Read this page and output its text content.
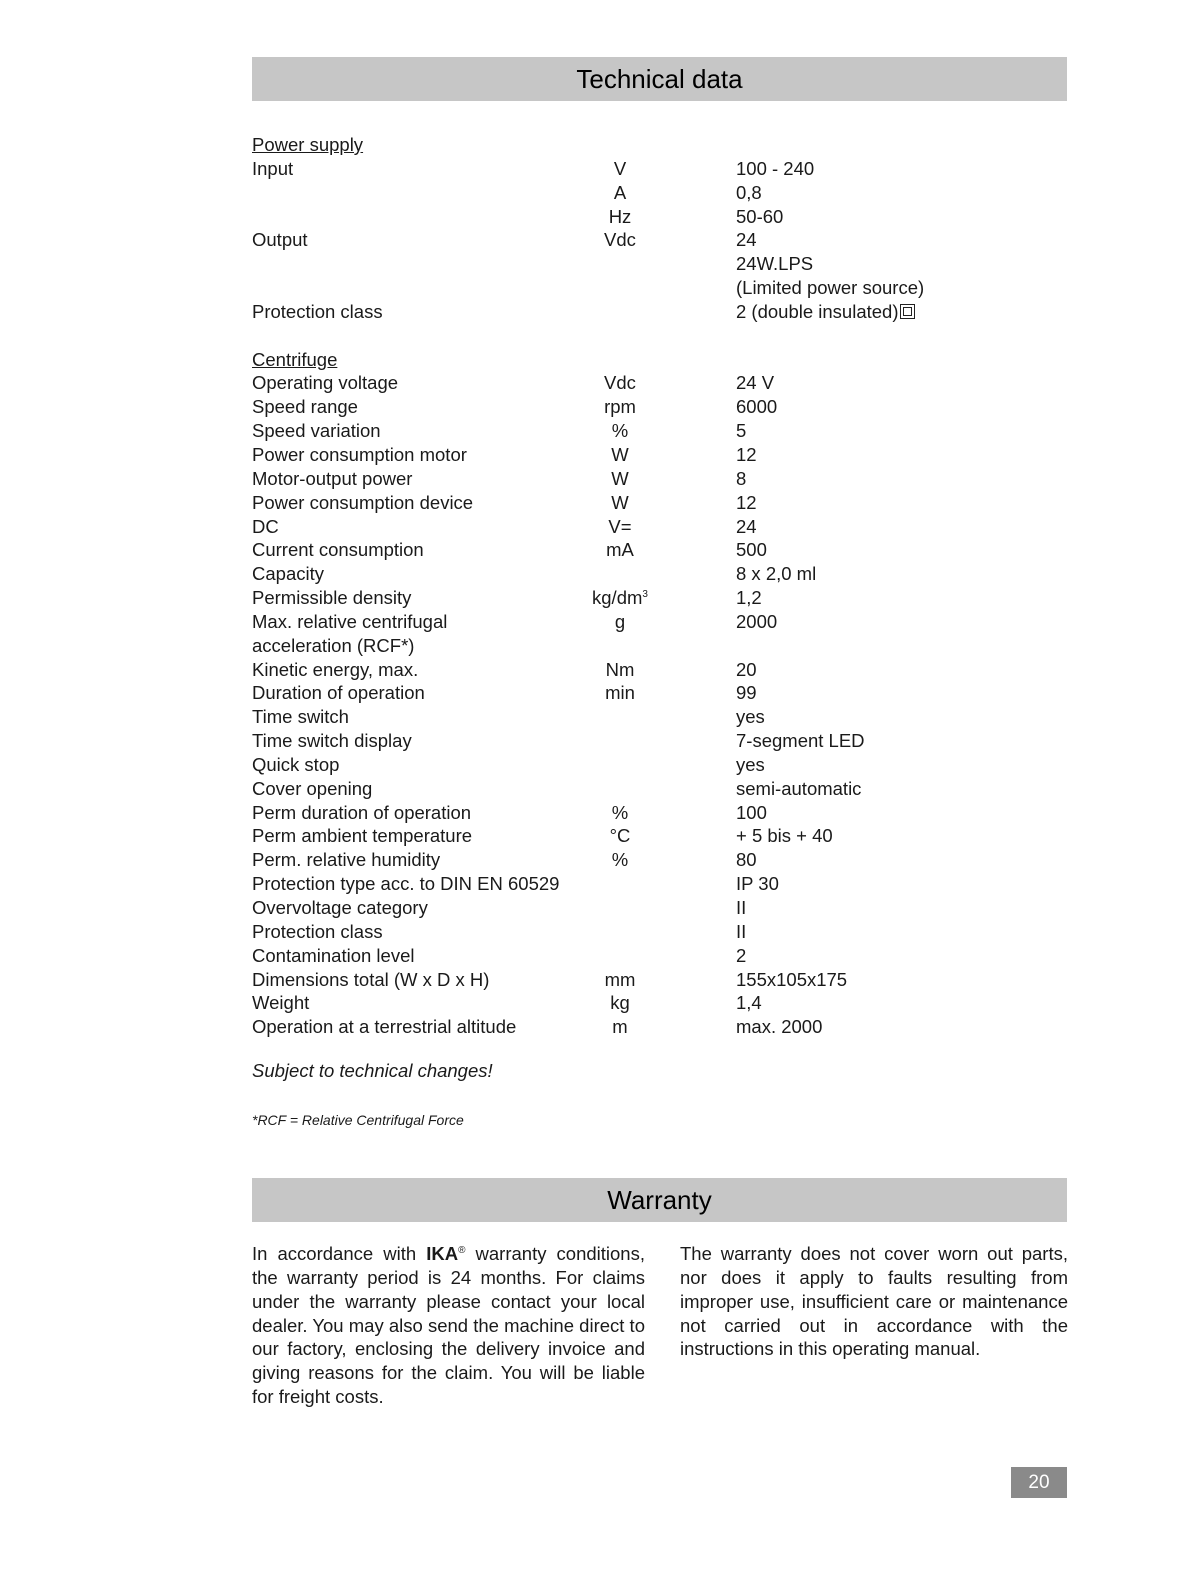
Technical data
Power supply
Input	V	100 - 240
A	0,8
Hz	50-60
Output	Vdc	24
24W.LPS
(Limited power source)
Protection class	2 (double insulated)
Centrifuge
Operating voltage	Vdc	24 V
Speed range	rpm	6000
Speed variation	%	5
Power consumption motor	W	12
Motor-output power	W	8
Power consumption device	W	12
DC	V=	24
Current consumption	mA	500
Capacity	8 x 2,0 ml
Permissible density	$kg/dm^3$	1,2
Max. relative centrifugal	g	2000
acceleration (RCF*)
Kinetic energy, max.	Nm	20
Duration of operation	min	99
Time switch	yes
Time switch display	7-segment LED
Quick stop	yes
Cover opening	semi-automatic
Perm duration of operation	%	100
Perm ambient temperature	°C	+ 5 bis + 40
Perm. relative humidity	%	80
Protection type acc. to DIN EN 60529	IP 30
Overvoltage category	II
Protection class	II
Contamination level	2
Dimensions total (W x D x H)	mm	155x105x175
Weight	kg	1,4
Operation at a terrestrial altitude	m	max. 2000
Subject to technical changes!
*RCF = Relative Centrifugal Force
Warranty
In accordance with IKA® warranty conditions, the warranty period is 24 months. For claims under the warranty please contact your local dealer. You may also send the machine direct to our factory, enclosing the delivery invoice and giving reasons for the claim. You will be liable for freight costs.
The warranty does not cover worn out parts, nor does it apply to faults resulting from improper use, insufficient care or maintenance not carried out in accordance with the instructions in this operating manual.
20
